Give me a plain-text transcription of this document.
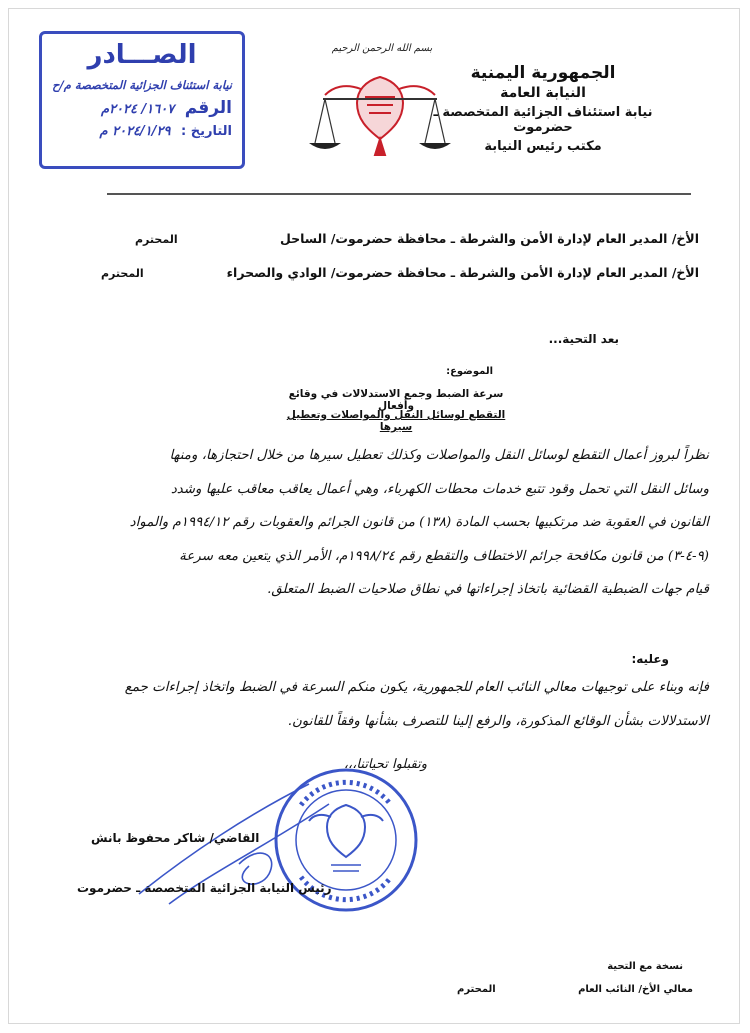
الصـــادر
نيابة استئناف الجزائية المتخصصة م/ح
الرقم ١٦٠٧/ ٢٠٢٤م
التاريخ : ٢٠٢٤/١/٢٩ م
بسم الله الرحمن الرحيم
الجمهورية اليمنية
النيابة العامة
نيابة استئناف الجزائية المتخصصة ـ حضرموت
مكتب رئيس النيابة
الأخ/ المدير العام لإدارة الأمن والشرطة ـ محافظة حضرموت/ الساحل
المحترم
الأخ/ المدير العام لإدارة الأمن والشرطة ـ محافظة حضرموت/ الوادي والصحراء
المحترم
بعد التحية...
الموضوع:
سرعة الضبط وجمع الاستدلالات في وقائع وأفعال
التقطع لوسائل النقل والمواصلات وتعطيل سيرها
نظراً لبروز أعمال التقطع لوسائل النقل والمواصلات وكذلك تعطيل سيرها من خلال احتجازها، ومنها
وسائل النقل التي تحمل وقود تتبع خدمات محطات الكهرباء، وهي أعمال يعاقب معاقب عليها وشدد
القانون في العقوبة ضد مرتكبيها بحسب المادة (١٣٨) من قانون الجرائم والعقوبات رقم ١٩٩٤/١٢م والمواد
(٩-٤-٣) من قانون مكافحة جرائم الاختطاف والتقطع رقم ١٩٩٨/٢٤م، الأمر الذي يتعين معه سرعة
قيام جهات الضبطية القضائية باتخاذ إجراءاتها في نطاق صلاحيات الضبط المتعلق.
وعليه:
فإنه وبناء على توجيهات معالي النائب العام للجمهورية، يكون منكم السرعة في الضبط واتخاذ إجراءات جمع
الاستدلالات بشأن الوقائع المذكورة، والرفع إلينا للتصرف بشأنها وفقاً للقانون.
وتقبلوا تحياتنا،،،
القاضي/ شاكر محفوظ بانش
رئيس النيابة الجزائية المتخصصة ـ حضرموت
نسخة مع التحية
معالي الأخ/ النائب العام
المحترم
